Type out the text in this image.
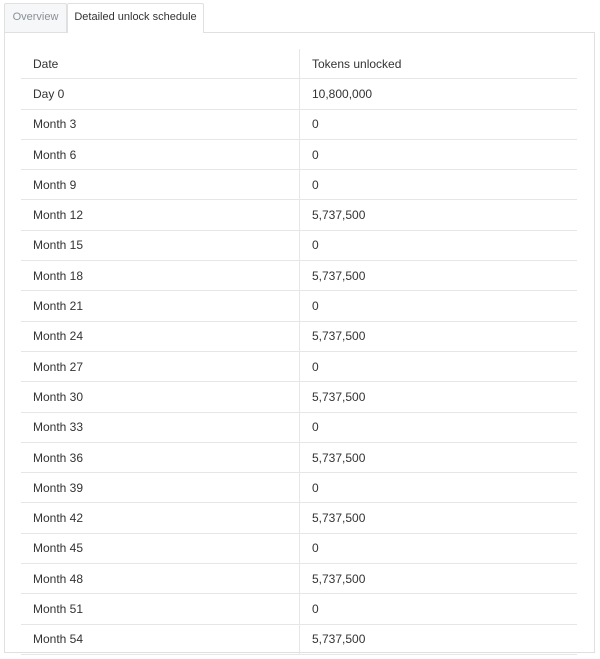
Overview	Detailed unlock schedule
Date	Tokens unlocked
Day 0	10,800,000
Month 3	0
Month 6	0
Month 9	0
Month 12	5,737,500
Month 15	0
Month 18	5,737,500
Month 21	0
Month 24	5,737,500
Month 27	0
Month 30	5,737,500
Month 33	0
Month 36	5,737,500
Month 39	0
Month 42	5,737,500
Month 45	0
Month 48	5,737,500
Month 51	0
Month 54	5,737,500
